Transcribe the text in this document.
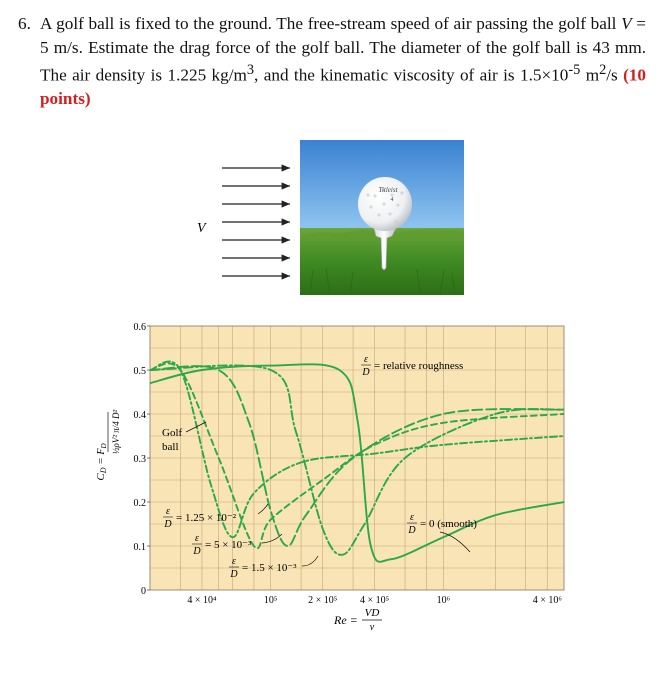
6. A golf ball is fixed to the ground. The free-stream speed of air passing the golf ball V = 5 m/s. Estimate the drag force of the golf ball. The diameter of the golf ball is 43 mm. The air density is 1.225 $kg/m^3$, and the kinematic viscosity of air is $1.5\times 10^{-5}$ $m^2/s$ (10 points)
V
Titleist
4
0
0.1
0.2
0.3
0.4
0.5
0.6
4 × 10⁴	10⁵	2 × 10⁵ 4 × 10⁵	10⁶	4 × 10⁶
CD = FD ½ρV² π/4 D²
Re = VD
ν
ε
D
= relative roughness
Golf
ball
ε
D
= 0 (smooth)
ε
D
= 1.25 × 10⁻²
ε
D
= 5 × 10⁻³
ε
D
= 1.5 × 10⁻³
